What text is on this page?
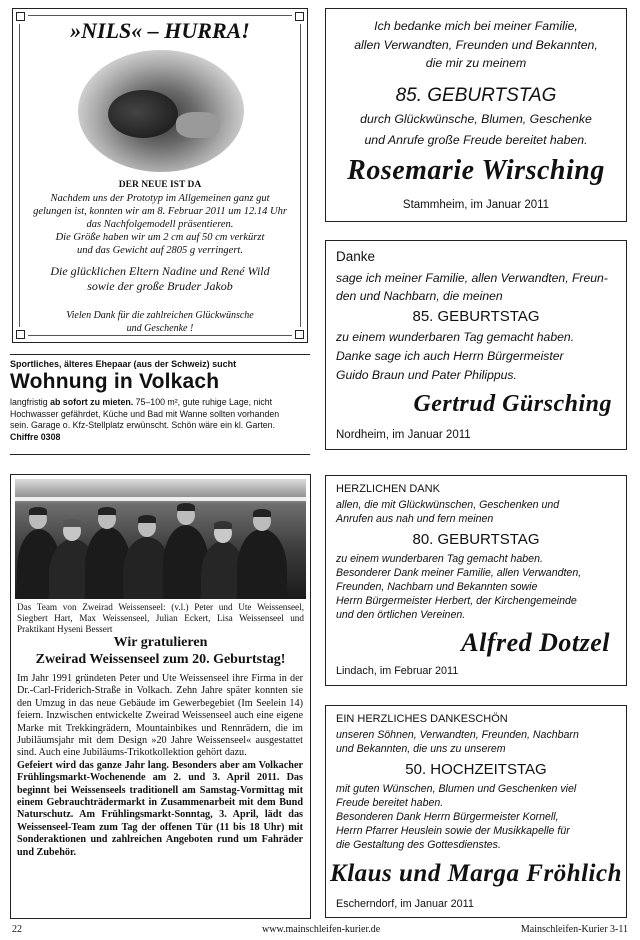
»NILS« – HURRA!
DER NEUE IST DA

Nachdem uns der Prototyp im Allgemeinen ganz gut

gelungen ist, konnten wir am 8. Februar 2011 um 12.14 Uhr

das Nachfolgemodell präsentieren.

Die Größe haben wir um 2 cm auf 50 cm verkürzt

und das Gewicht auf 2805 g verringert.

Die glücklichen Eltern Nadine und René Wild

sowie der große Bruder Jakob

Vielen Dank für die zahlreichen Glückwünsche

und Geschenke !

Sportliches, älteres Ehepaar (aus der Schweiz) sucht
Wohnung in Volkach

langfristig ab sofort zu mieten. 75–100 m², gute ruhige Lage, nicht

Hochwasser gefährdet, Küche und Bad mit Wanne sollten vorhanden

sein. Garage o. Kfz-Stellplatz erwünscht. Schön wäre ein kl. Garten.

Chiffre 0308

Das Team von Zweirad Weissenseel: (v.l.) Peter und Ute Weissenseel, Siegbert Hart, Max Weissenseel, Julian Eckert, Lisa Weissenseel und Praktikant Hyseni Bessert
Wir gratulieren
Zweirad Weissenseel zum 20. Geburtstag!

Im Jahr 1991 gründeten Peter und Ute Weissenseel ihre Firma in der Dr.-Carl-Friderich-Straße in Volkach. Zehn Jahre später konnten sie den Umzug in das neue Gebäude im Gewerbegebiet (Im Seelein 14) feiern. Inzwischen entwickelte Zweirad Weissenseel auch eine eigene Marke mit Trekkingrädern, Mountainbikes und Rennrädern, die im Jubiläumsjahr mit dem Design »20 Jahre Weissenseel« ausgestattet sind. Auch eine Jubiläums-Trikotkollektion gehört dazu.

Gefeiert wird das ganze Jahr lang. Besonders aber am Volkacher Frühlingsmarkt-Wochenende am 2. und 3. April 2011. Das beginnt bei Weissenseels traditionell am Samstag-Vormittag mit einem Gebrauchträdermarkt in Zusammenarbeit mit dem Bund Naturschutz. Am Frühlingsmarkt-Sonntag, 3. April, lädt das Weissenseel-Team zum Tag der offenen Tür (11 bis 18 Uhr) mit Sonderaktionen und zahlreichen Angeboten rund um Fahräder und Zubehör.

Ich bedanke mich bei meiner Familie,

allen Verwandten, Freunden und Bekannten,

die mir zu meinem

85. GEBURTSTAG

durch Glückwünsche, Blumen, Geschenke

und Anrufe große Freude bereitet haben.

Rosemarie Wirsching
Stammheim, im Januar 2011
Danke

sage ich meiner Familie, allen Verwandten, Freun-

den und Nachbarn, die meinen

85. GEBURTSTAG

zu einem wunderbaren Tag gemacht haben.

Danke sage ich auch Herrn Bürgermeister

Guido Braun und Pater Philippus.

Gertrud Gürsching
Nordheim, im Januar 2011
HERZLICHEN DANK

allen, die mit Glückwünschen, Geschenken und

Anrufen aus nah und fern meinen

80. GEBURTSTAG

zu einem wunderbaren Tag gemacht haben.

Besonderer Dank meiner Familie, allen Verwandten,

Freunden, Nachbarn und Bekannten sowie

Herrn Bürgermeister Herbert, der Kirchengemeinde

und den örtlichen Vereinen.

Alfred Dotzel
Lindach, im Februar 2011
EIN HERZLICHES DANKESCHÖN

unseren Söhnen, Verwandten, Freunden, Nachbarn

und Bekannten, die uns zu unserem

50. HOCHZEITSTAG

mit guten Wünschen, Blumen und Geschenken viel

Freude bereitet haben.

Besonderen Dank Herrn Bürgermeister Kornell,

Herrn Pfarrer Heuslein sowie der Musikkapelle für

die Gestaltung des Gottesdienstes.

Klaus und Marga Fröhlich
Escherndorf, im Januar 2011
22	www.mainschleifen-kurier.de	Mainschleifen-Kurier 3-11
